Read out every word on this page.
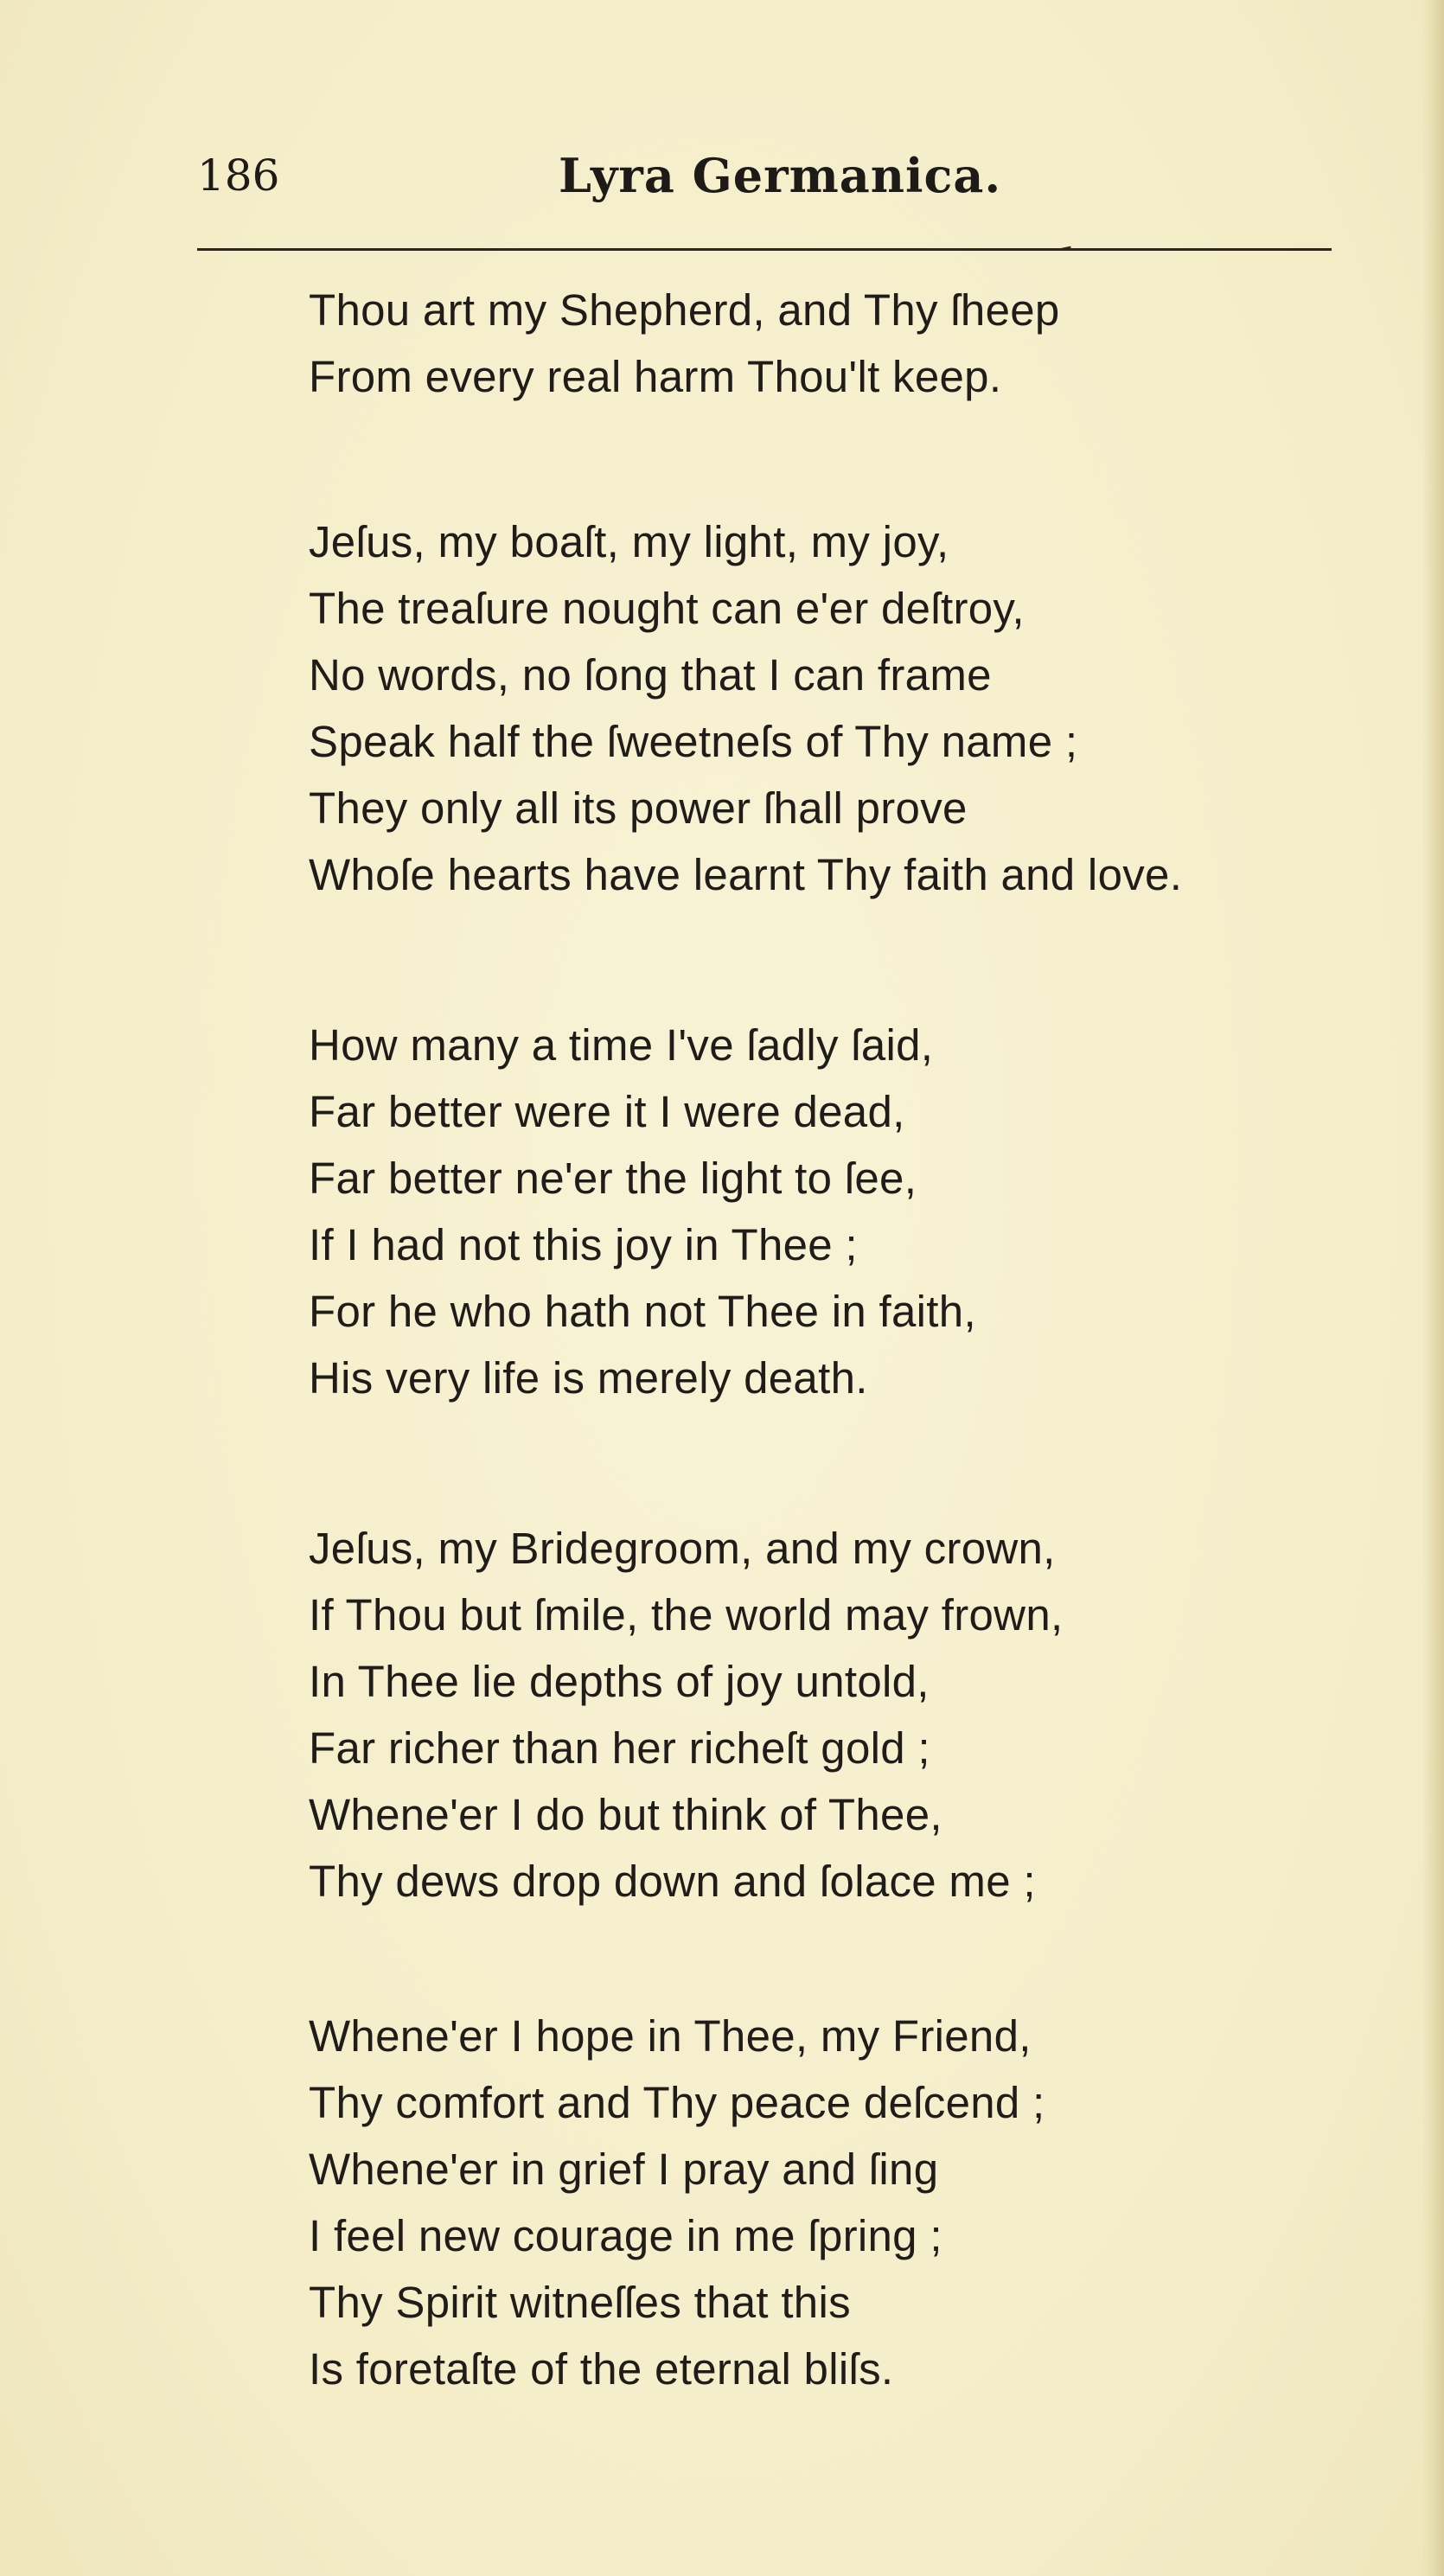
186	Lyra Germanica.
Thou art my Shepherd, and Thy ſheep
From every real harm Thou'lt keep.
Jeſus, my boaſt, my light, my joy,
The treaſure nought can e'er deſtroy,
No words, no ſong that I can frame
Speak half the ſweetneſs of Thy name ;
They only all its power ſhall prove
Whoſe hearts have learnt Thy faith and love.
How many a time I've ſadly ſaid,
Far better were it I were dead,
Far better ne'er the light to ſee,
If I had not this joy in Thee ;
For he who hath not Thee in faith,
His very life is merely death.
Jeſus, my Bridegroom, and my crown,
If Thou but ſmile, the world may frown,
In Thee lie depths of joy untold,
Far richer than her richeſt gold ;
Whene'er I do but think of Thee,
Thy dews drop down and ſolace me ;
Whene'er I hope in Thee, my Friend,
Thy comfort and Thy peace deſcend ;
Whene'er in grief I pray and ſing
I feel new courage in me ſpring ;
Thy Spirit witneſſes that this
Is foretaſte of the eternal bliſs.
